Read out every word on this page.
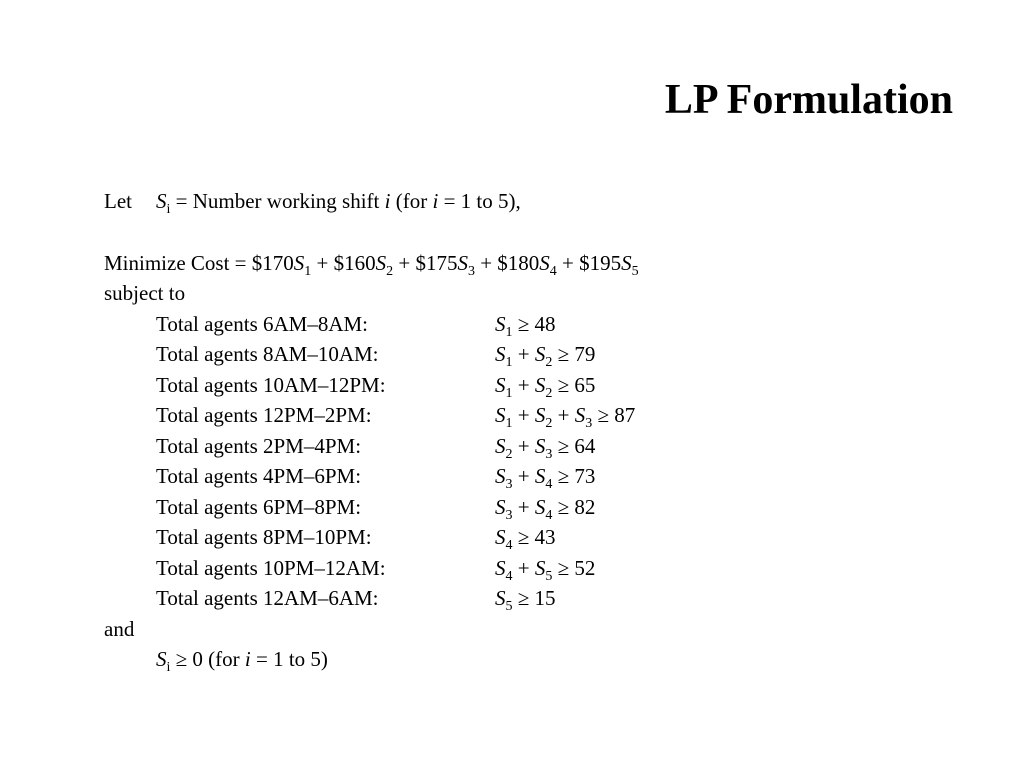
LP Formulation
Let $S_i$ = Number working shift i (for i = 1 to 5),
Minimize Cost = $\$170S_1$ + $\$160S_2$ + $\$175S_3$ + $\$180S_4$ + $\$195S_5$
subject to
Total agents 6AM–8AM:	$S_1 \ge 48$
Total agents 8AM–10AM:	$S_1 + S_2 \ge 79$
Total agents 10AM–12PM:	$S_1 + S_2 \ge 65$
Total agents 12PM–2PM:	$S_1 + S_2 + S_3 \ge 87$
Total agents 2PM–4PM:	$S_2 + S_3 \ge 64$
Total agents 4PM–6PM:	$S_3 + S_4 \ge 73$
Total agents 6PM–8PM:	$S_3 + S_4 \ge 82$
Total agents 8PM–10PM:	$S_4 \ge 43$
Total agents 10PM–12AM:	$S_4 + S_5 \ge 52$
Total agents 12AM–6AM:	$S_5 \ge 15$
and
$S_i \ge 0$ (for i = 1 to 5)
